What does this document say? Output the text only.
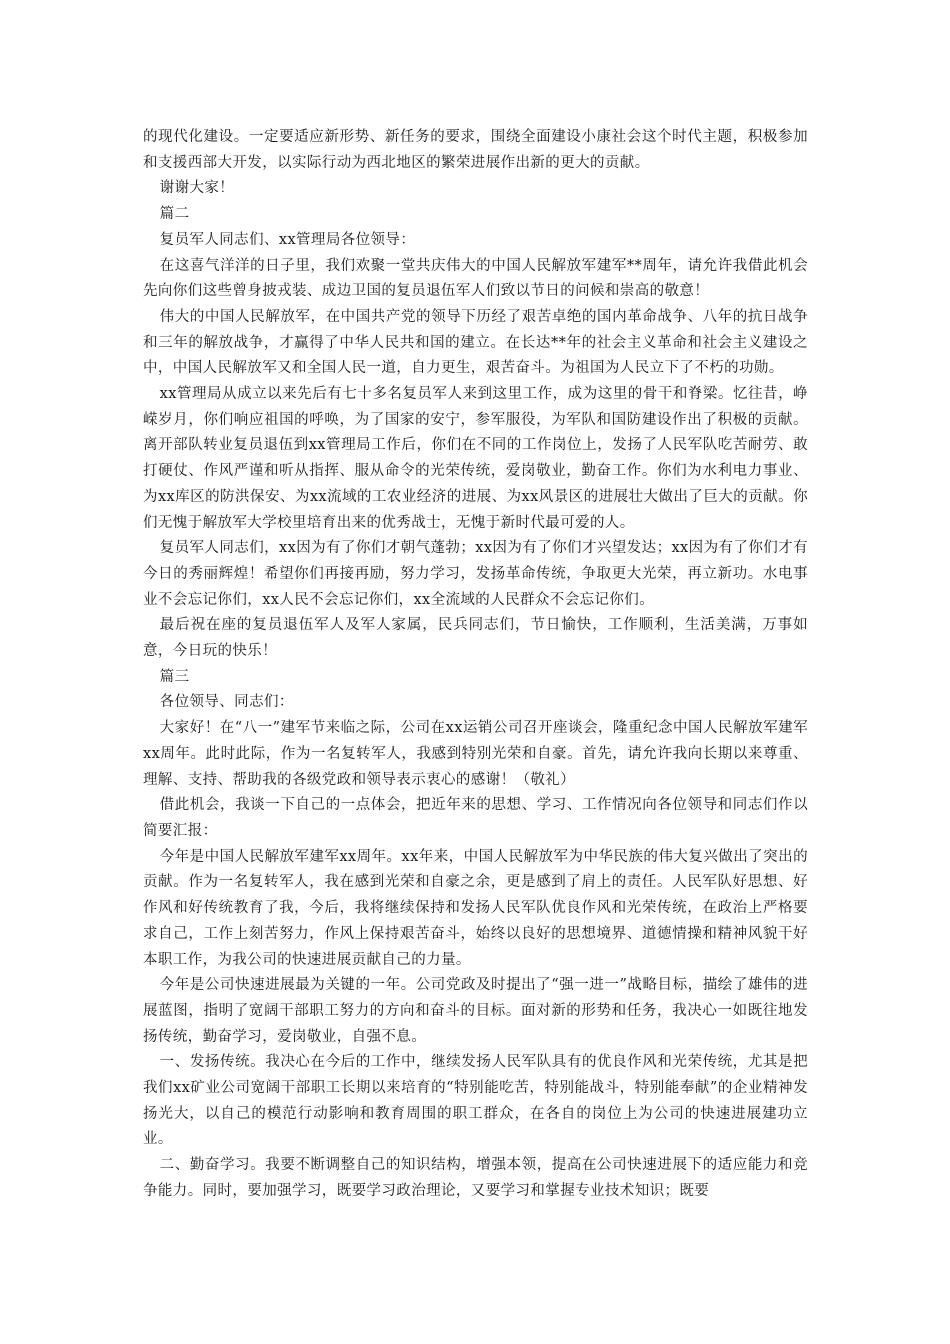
的现代化建设。一定要适应新形势、新任务的要求，围绕全面建设小康社会这个时代主题，积极参加和支援西部大开发，以实际行动为西北地区的繁荣进展作出新的更大的贡献。

谢谢大家！

篇二

复员军人同志们、xx管理局各位领导：

在这喜气洋洋的日子里，我们欢聚一堂共庆伟大的中国人民解放军建军**周年，请允许我借此机会先向你们这些曾身披戎装、成边卫国的复员退伍军人们致以节日的问候和崇高的敬意！

伟大的中国人民解放军，在中国共产党的领导下历经了艰苦卓绝的国内革命战争、八年的抗日战争和三年的解放战争，才赢得了中华人民共和国的建立。在长达**年的社会主义革命和社会主义建设之中，中国人民解放军又和全国人民一道，自力更生，艰苦奋斗。为祖国为人民立下了不朽的功勋。

xx管理局从成立以来先后有七十多名复员军人来到这里工作，成为这里的骨干和脊梁。忆往昔，峥嵘岁月，你们响应祖国的呼唤，为了国家的安宁，参军服役，为军队和国防建设作出了积极的贡献。离开部队转业复员退伍到xx管理局工作后，你们在不同的工作岗位上，发扬了人民军队吃苦耐劳、敢打硬仗、作风严谨和听从指挥、服从命令的光荣传统，爱岗敬业，勤奋工作。你们为水利电力事业、为xx库区的防洪保安、为xx流域的工农业经济的进展、为xx风景区的进展壮大做出了巨大的贡献。你们无愧于解放军大学校里培育出来的优秀战士，无愧于新时代最可爱的人。

复员军人同志们，xx因为有了你们才朝气蓬勃；xx因为有了你们才兴望发达；xx因为有了你们才有今日的秀丽辉煌！希望你们再接再励，努力学习，发扬革命传统，争取更大光荣，再立新功。水电事业不会忘记你们，xx人民不会忘记你们，xx全流域的人民群众不会忘记你们。

最后祝在座的复员退伍军人及军人家属，民兵同志们，节日愉快，工作顺利，生活美满，万事如意，今日玩的快乐！

篇三

各位领导、同志们：

大家好！在“八一”建军节来临之际，公司在xx运销公司召开座谈会，隆重纪念中国人民解放军建军xx周年。此时此际，作为一名复转军人，我感到特别光荣和自豪。首先，请允许我向长期以来尊重、理解、支持、帮助我的各级党政和领导表示衷心的感谢！（敬礼）

借此机会，我谈一下自己的一点体会，把近年来的思想、学习、工作情况向各位领导和同志们作以简要汇报：

今年是中国人民解放军建军xx周年。xx年来，中国人民解放军为中华民族的伟大复兴做出了突出的贡献。作为一名复转军人，我在感到光荣和自豪之余，更是感到了肩上的责任。人民军队好思想、好作风和好传统教育了我，今后，我将继续保持和发扬人民军队优良作风和光荣传统，在政治上严格要求自己，工作上刻苦努力，作风上保持艰苦奋斗，始终以良好的思想境界、道德情操和精神风貌干好本职工作，为我公司的快速进展贡献自己的力量。

今年是公司快速进展最为关键的一年。公司党政及时提出了“强一进一”战略目标，描绘了雄伟的进展蓝图，指明了宽阔干部职工努力的方向和奋斗的目标。面对新的形势和任务，我决心一如既往地发扬传统，勤奋学习，爱岗敬业，自强不息。

一、发扬传统。我决心在今后的工作中，继续发扬人民军队具有的优良作风和光荣传统，尤其是把我们xx矿业公司宽阔干部职工长期以来培育的“特别能吃苦，特别能战斗，特别能奉献”的企业精神发扬光大，以自己的模范行动影响和教育周围的职工群众，在各自的岗位上为公司的快速进展建功立业。

二、勤奋学习。我要不断调整自己的知识结构，增强本领，提高在公司快速进展下的适应能力和竞争能力。同时，要加强学习，既要学习政治理论，又要学习和掌握专业技术知识；既要
